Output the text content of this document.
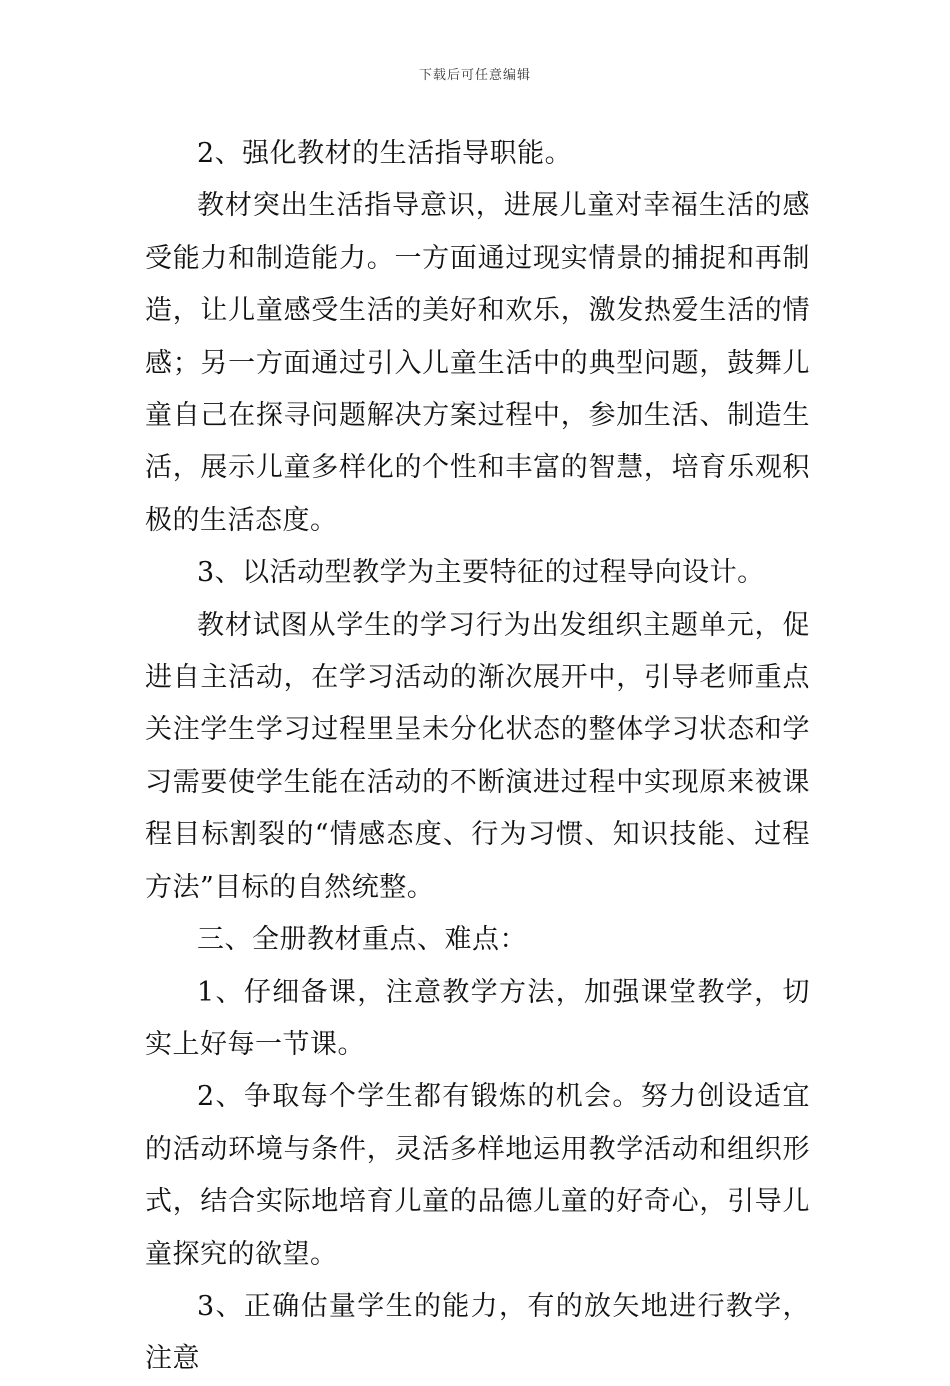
下载后可任意编辑

2、强化教材的生活指导职能。

教材突出生活指导意识，进展儿童对幸福生活的感受能力和制造能力。一方面通过现实情景的捕捉和再制造，让儿童感受生活的美好和欢乐，激发热爱生活的情感；另一方面通过引入儿童生活中的典型问题，鼓舞儿童自己在探寻问题解决方案过程中，参加生活、制造生活，展示儿童多样化的个性和丰富的智慧，培育乐观积极的生活态度。

3、以活动型教学为主要特征的过程导向设计。

教材试图从学生的学习行为出发组织主题单元，促进自主活动，在学习活动的渐次展开中，引导老师重点关注学生学习过程里呈未分化状态的整体学习状态和学习需要使学生能在活动的不断演进过程中实现原来被课程目标割裂的“情感态度、行为习惯、知识技能、过程方法”目标的自然统整。

三、全册教材重点、难点：

1、仔细备课，注意教学方法，加强课堂教学，切实上好每一节课。

2、争取每个学生都有锻炼的机会。努力创设适宜的活动环境与条件，灵活多样地运用教学活动和组织形式，结合实际地培育儿童的品德儿童的好奇心，引导儿童探究的欲望。

3、正确估量学生的能力，有的放矢地进行教学，注意
